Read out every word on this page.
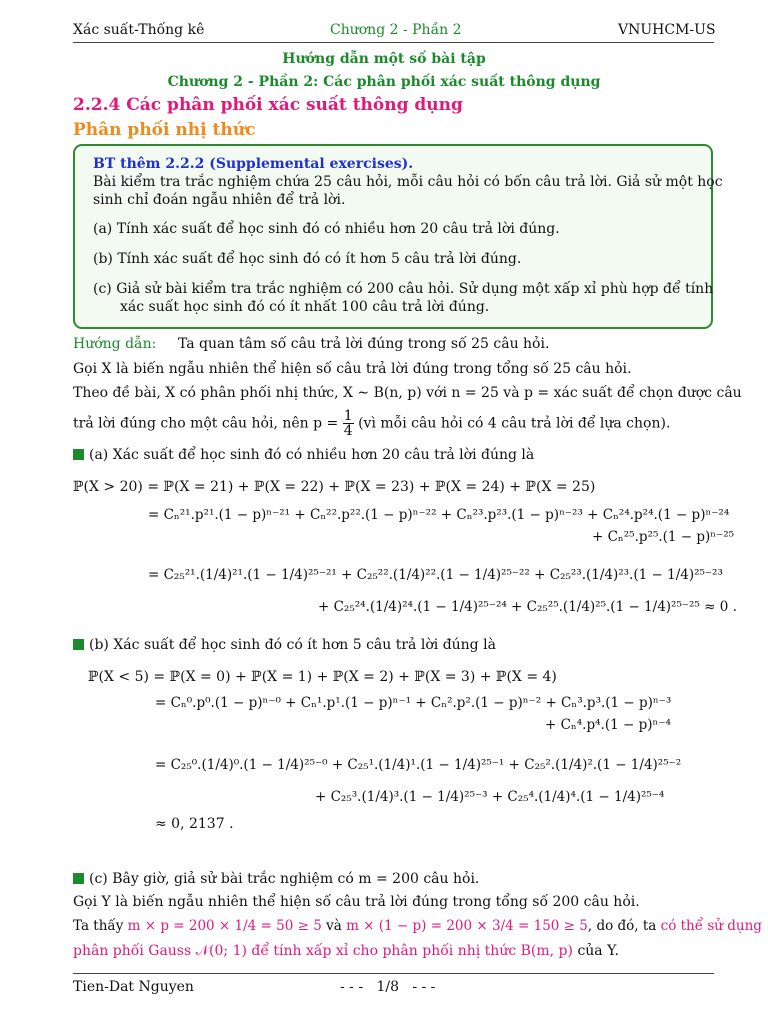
Xác suất-Thống kê	Chương 2 - Phần 2	VNUHCM-US
Hướng dẫn một số bài tập
Chương 2 - Phần 2: Các phân phối xác suất thông dụng
2.2.4 Các phân phối xác suất thông dụng
Phân phối nhị thức
BT thêm 2.2.2 (Supplemental exercises).
Bài kiểm tra trắc nghiệm chứa 25 câu hỏi, mỗi câu hỏi có bốn câu trả lời. Giả sử một học
sinh chỉ đoán ngẫu nhiên để trả lời.
(a) Tính xác suất để học sinh đó có nhiều hơn 20 câu trả lời đúng.
(b) Tính xác suất để học sinh đó có ít hơn 5 câu trả lời đúng.
(c) Giả sử bài kiểm tra trắc nghiệm có 200 câu hỏi. Sử dụng một xấp xỉ phù hợp để tính
xác suất học sinh đó có ít nhất 100 câu trả lời đúng.
Hướng dẫn: Ta quan tâm số câu trả lời đúng trong số 25 câu hỏi.
Gọi X là biến ngẫu nhiên thể hiện số câu trả lời đúng trong tổng số 25 câu hỏi.
Theo đề bài, X có phân phối nhị thức, X ∼ B(n, p) với n = 25 và p = xác suất để chọn được câu
trả lời đúng cho một câu hỏi, nên $p = \frac{1}{4}$ (vì mỗi câu hỏi có 4 câu trả lời để lựa chọn).
(a) Xác suất để học sinh đó có nhiều hơn 20 câu trả lời đúng là
ℙ(X > 20) = ℙ(X = 21) + ℙ(X = 22) + ℙ(X = 23) + ℙ(X = 24) + ℙ(X = 25)
= Cₙ²¹.p²¹.(1 − p)ⁿ⁻²¹ + Cₙ²².p²².(1 − p)ⁿ⁻²² + Cₙ²³.p²³.(1 − p)ⁿ⁻²³ + Cₙ²⁴.p²⁴.(1 − p)ⁿ⁻²⁴
+ Cₙ²⁵.p²⁵.(1 − p)ⁿ⁻²⁵
= C₂₅²¹.(1/4)²¹.(1 − 1/4)²⁵⁻²¹ + C₂₅²².(1/4)²².(1 − 1/4)²⁵⁻²² + C₂₅²³.(1/4)²³.(1 − 1/4)²⁵⁻²³
+ C₂₅²⁴.(1/4)²⁴.(1 − 1/4)²⁵⁻²⁴ + C₂₅²⁵.(1/4)²⁵.(1 − 1/4)²⁵⁻²⁵ ≈ 0 .
(b) Xác suất để học sinh đó có ít hơn 5 câu trả lời đúng là
ℙ(X < 5) = ℙ(X = 0) + ℙ(X = 1) + ℙ(X = 2) + ℙ(X = 3) + ℙ(X = 4)
= Cₙ⁰.p⁰.(1 − p)ⁿ⁻⁰ + Cₙ¹.p¹.(1 − p)ⁿ⁻¹ + Cₙ².p².(1 − p)ⁿ⁻² + Cₙ³.p³.(1 − p)ⁿ⁻³
+ Cₙ⁴.p⁴.(1 − p)ⁿ⁻⁴
= C₂₅⁰.(1/4)⁰.(1 − 1/4)²⁵⁻⁰ + C₂₅¹.(1/4)¹.(1 − 1/4)²⁵⁻¹ + C₂₅².(1/4)².(1 − 1/4)²⁵⁻²
+ C₂₅³.(1/4)³.(1 − 1/4)²⁵⁻³ + C₂₅⁴.(1/4)⁴.(1 − 1/4)²⁵⁻⁴
≈ 0, 2137 .
(c) Bây giờ, giả sử bài trắc nghiệm có m = 200 câu hỏi.
Gọi Y là biến ngẫu nhiên thể hiện số câu trả lời đúng trong tổng số 200 câu hỏi.
Ta thấy m × p = 200 × 1/4 = 50 ≥ 5 và m × (1 − p) = 200 × 3/4 = 150 ≥ 5, do đó, ta có thể sử dụng
phân phối Gauss 𝒩(0; 1) để tính xấp xỉ cho phân phối nhị thức B(m, p) của Y.
Tien-Dat Nguyen	- - -   1/8   - - -
